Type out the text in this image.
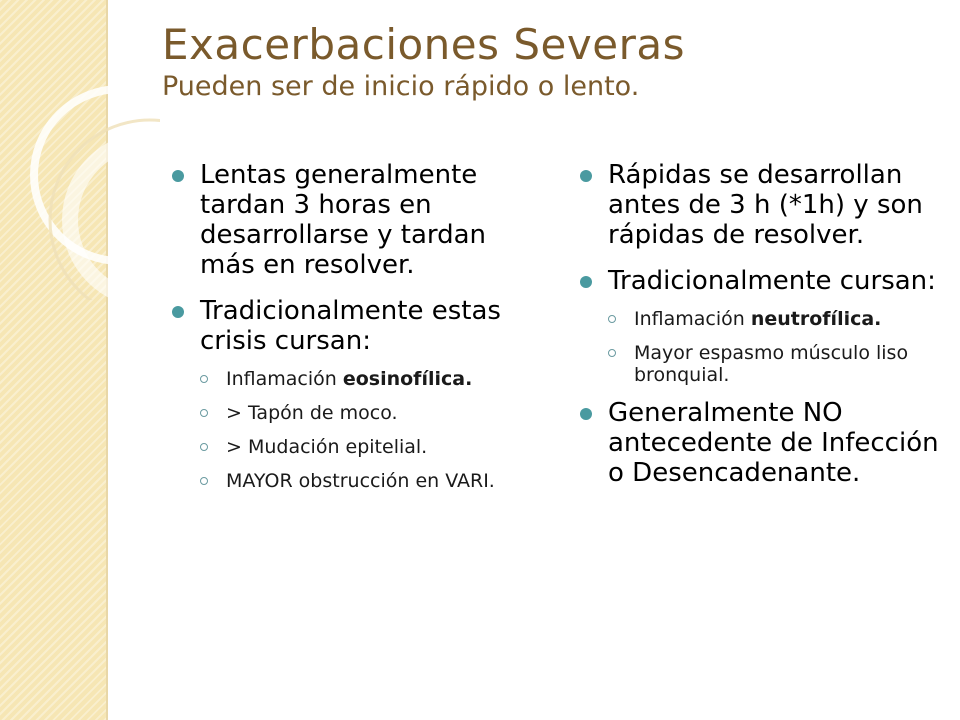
Exacerbaciones Severas
Pueden ser de inicio rápido o lento.
Lentas generalmente tardan 3 horas en desarrollarse y tardan más en resolver.
Tradicionalmente estas crisis cursan:
Inflamación eosinofílica.
> Tapón de moco.
> Mudación epitelial.
MAYOR obstrucción en VARI.
Rápidas se desarrollan antes de 3 h (*1h) y son rápidas de resolver.
Tradicionalmente cursan:
Inflamación neutrofílica.
Mayor espasmo músculo liso bronquial.
Generalmente NO antecedente de Infección o Desencadenante.
